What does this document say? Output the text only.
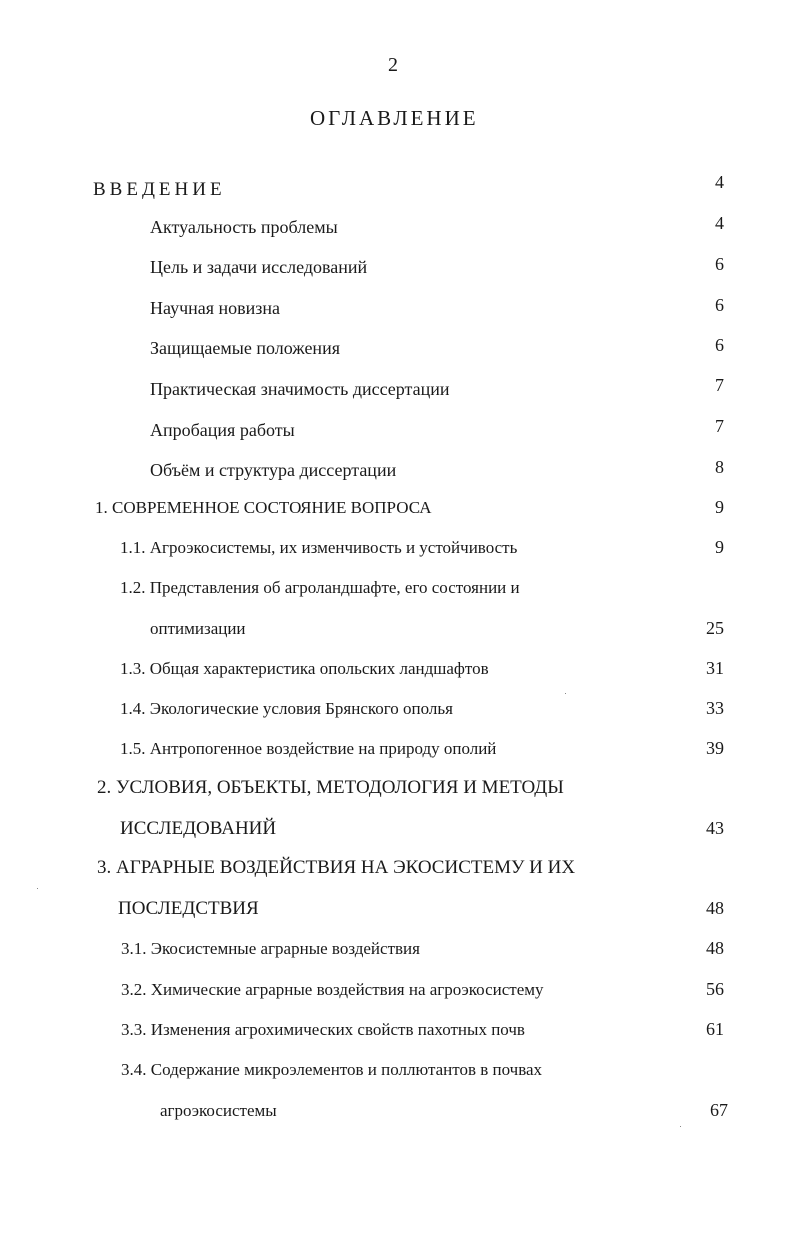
2
ОГЛАВЛЕНИЕ
ВВЕДЕНИЕ	4
Актуальность проблемы	4
Цель и задачи исследований	6
Научная новизна	6
Защищаемые положения	6
Практическая значимость диссертации	7
Апробация работы	7
Объём и структура диссертации	8
1. СОВРЕМЕННОЕ СОСТОЯНИЕ ВОПРОСА	9
1.1. Агроэкосистемы, их изменчивость и устойчивость	9
1.2. Представления об агроландшафте, его состоянии и
оптимизации	25
1.3. Общая характеристика опольских ландшафтов	31
1.4. Экологические условия Брянского ополья	33
1.5. Антропогенное воздействие на природу ополий	39
2. УСЛОВИЯ, ОБЪЕКТЫ, МЕТОДОЛОГИЯ И МЕТОДЫ
ИССЛЕДОВАНИЙ	43
3. АГРАРНЫЕ ВОЗДЕЙСТВИЯ НА ЭКОСИСТЕМУ И ИХ
ПОСЛЕДСТВИЯ	48
3.1. Экосистемные аграрные воздействия	48
3.2. Химические аграрные воздействия на агроэкосистему	56
3.3. Изменения агрохимических свойств пахотных почв	61
3.4. Содержание микроэлементов и поллютантов в почвах
агроэкосистемы	67
